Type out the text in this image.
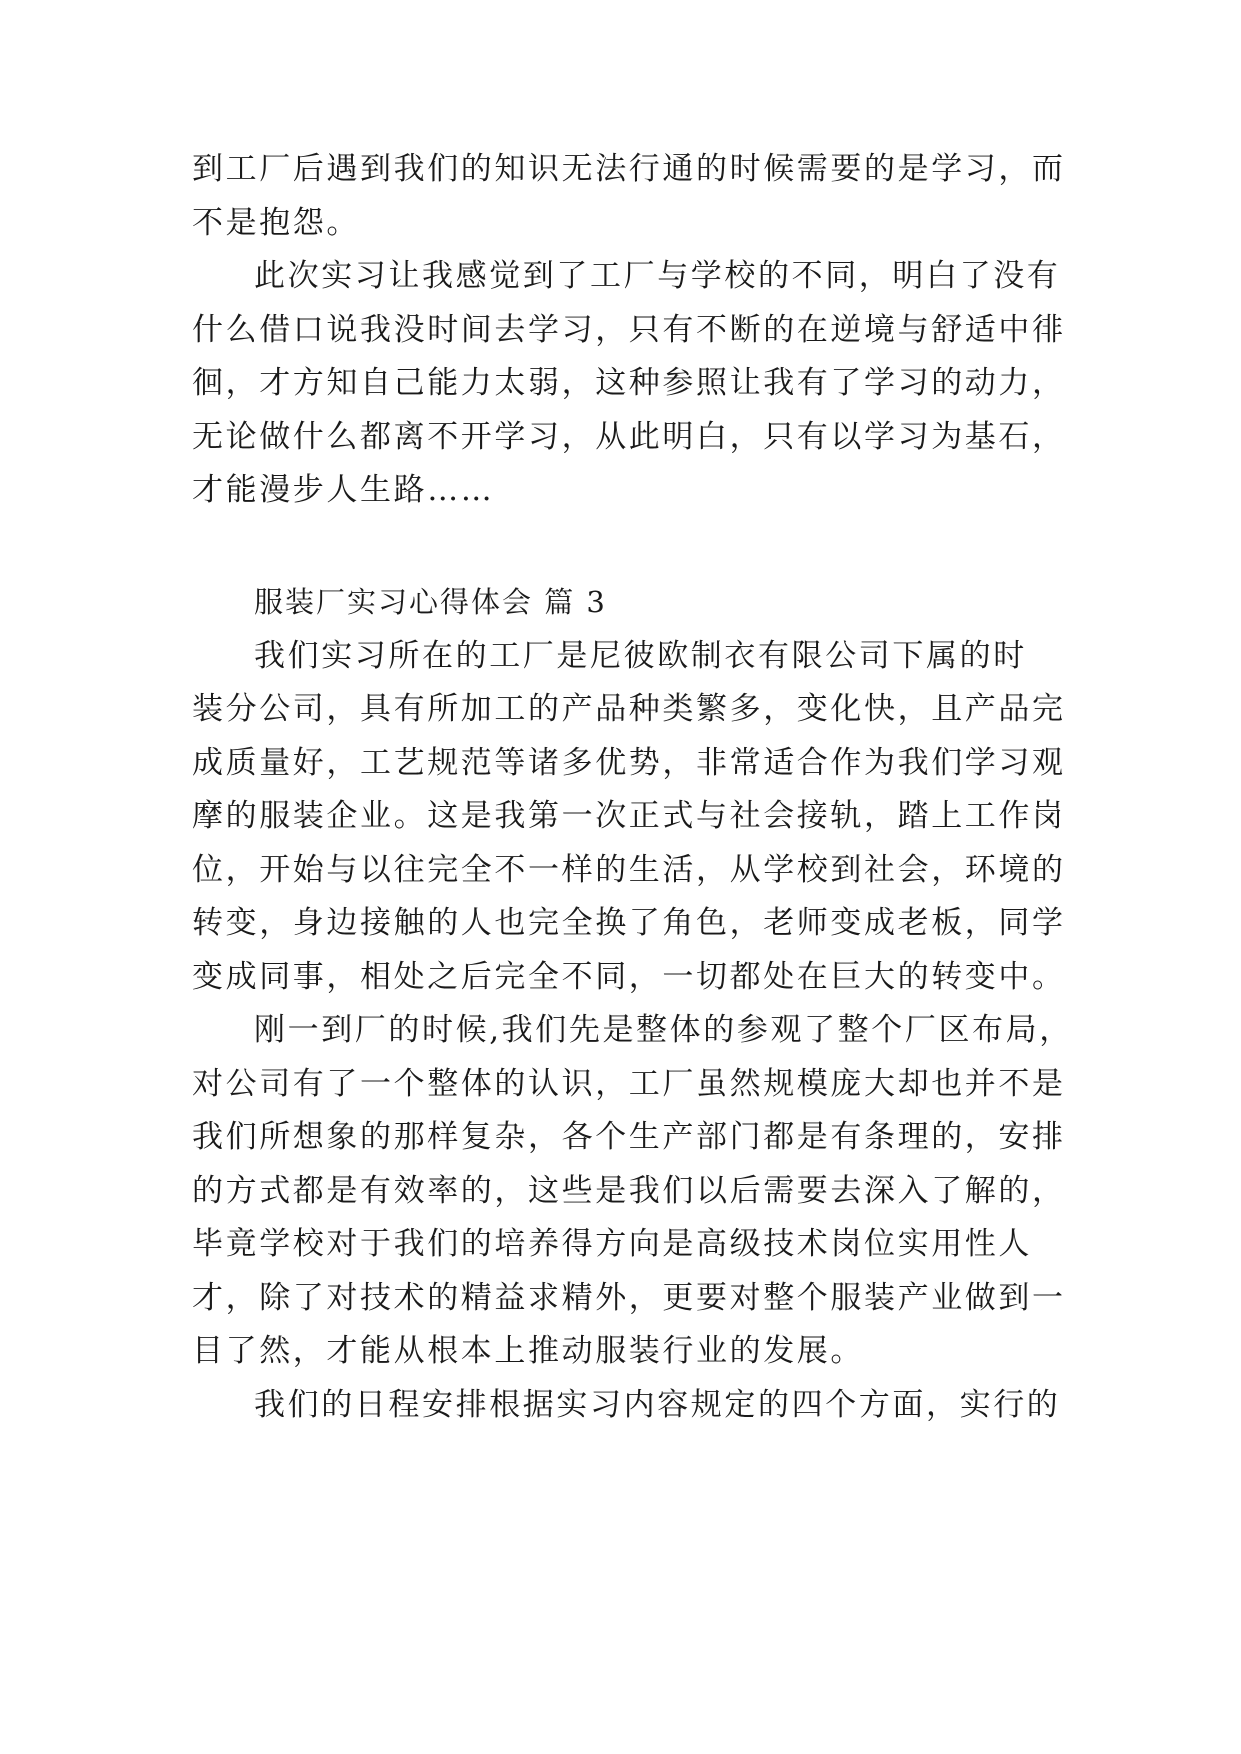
到工厂后遇到我们的知识无法行通的时候需要的是学习，而
不是抱怨。
此次实习让我感觉到了工厂与学校的不同，明白了没有
什么借口说我没时间去学习，只有不断的在逆境与舒适中徘
徊，才方知自己能力太弱，这种参照让我有了学习的动力，
无论做什么都离不开学习，从此明白，只有以学习为基石，
才能漫步人生路……
服装厂实习心得体会 篇 3
我们实习所在的工厂是尼彼欧制衣有限公司下属的时
装分公司，具有所加工的产品种类繁多，变化快，且产品完
成质量好，工艺规范等诸多优势，非常适合作为我们学习观
摩的服装企业。这是我第一次正式与社会接轨，踏上工作岗
位，开始与以往完全不一样的生活，从学校到社会，环境的
转变，身边接触的人也完全换了角色，老师变成老板，同学
变成同事，相处之后完全不同，一切都处在巨大的转变中。
刚一到厂的时候,我们先是整体的参观了整个厂区布局，
对公司有了一个整体的认识，工厂虽然规模庞大却也并不是
我们所想象的那样复杂，各个生产部门都是有条理的，安排
的方式都是有效率的，这些是我们以后需要去深入了解的，
毕竟学校对于我们的培养得方向是高级技术岗位实用性人
才，除了对技术的精益求精外，更要对整个服装产业做到一
目了然，才能从根本上推动服装行业的发展。
我们的日程安排根据实习内容规定的四个方面，实行的
